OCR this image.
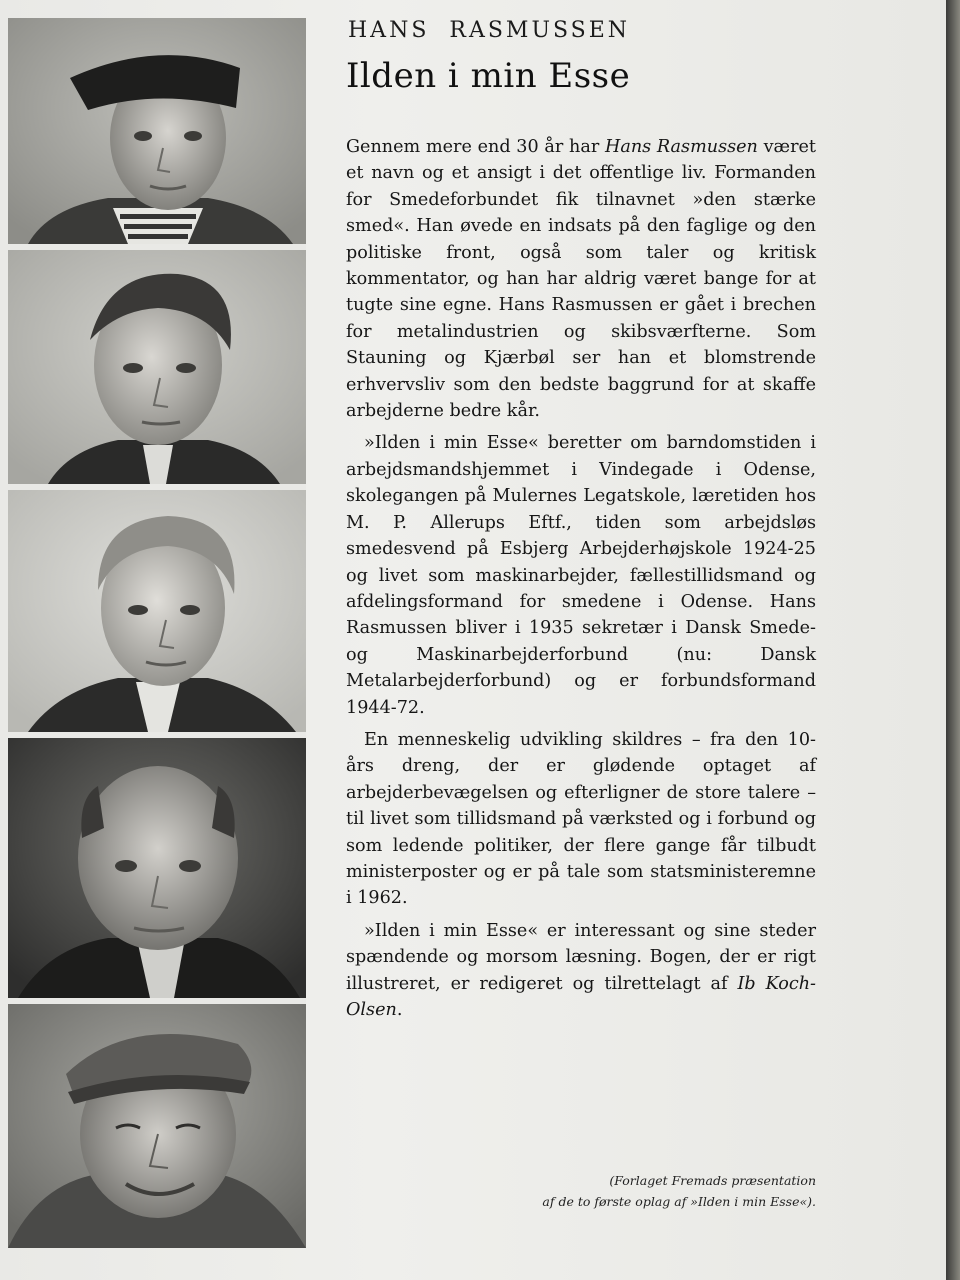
HANS RASMUSSEN
Ilden i min Esse

Gennem mere end 30 år har Hans Rasmussen været et navn og et ansigt i det offentlige liv. Formanden for Smedeforbundet fik tilnavnet »den stærke smed«. Han øvede en indsats på den faglige og den politiske front, også som taler og kritisk kommentator, og han har aldrig været bange for at tugte sine egne. Hans Rasmussen er gået i brechen for metalindustrien og skibsværfterne. Som Stauning og Kjærbøl ser han et blomstrende erhvervsliv som den bedste baggrund for at skaffe arbejderne bedre kår.

»Ilden i min Esse« beretter om barndomstiden i arbejdsmandshjemmet i Vindegade i Odense, skolegangen på Mulernes Legatskole, læretiden hos M. P. Allerups Eftf., tiden som arbejdsløs smedesvend på Esbjerg Arbejderhøjskole 1924-25 og livet som maskinarbejder, fællestillidsmand og afdelingsformand for smedene i Odense. Hans Rasmussen bliver i 1935 sekretær i Dansk Smede- og Maskinarbejderforbund (nu: Dansk Metalarbejderforbund) og er forbundsformand 1944-72.

En menneskelig udvikling skildres – fra den 10-års dreng, der er glødende optaget af arbejderbevægelsen og efterligner de store talere – til livet som tillidsmand på værksted og i forbund og som ledende politiker, der flere gange får tilbudt ministerposter og er på tale som statsministeremne i 1962.

»Ilden i min Esse« er interessant og sine steder spændende og morsom læsning. Bogen, der er rigt illustreret, er redigeret og tilrettelagt af Ib Koch-Olsen.

(Forlaget Fremads præsentation
af de to første oplag af »Ilden i min Esse«).
